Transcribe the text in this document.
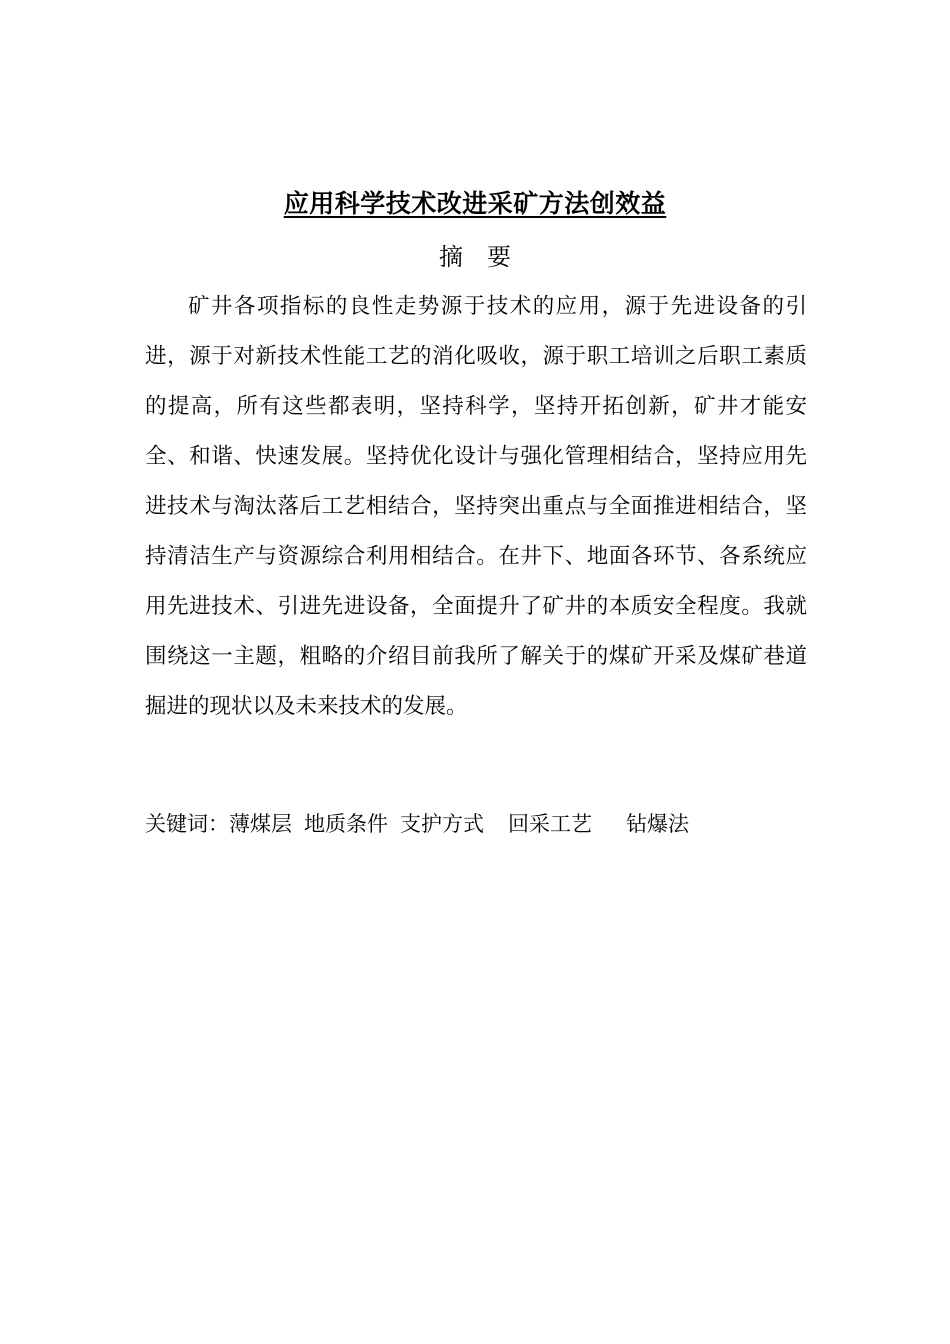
应用科学技术改进采矿方法创效益
摘 要
矿井各项指标的良性走势源于技术的应用，源于先进设备的引进，源于对新技术性能工艺的消化吸收，源于职工培训之后职工素质的提高，所有这些都表明，坚持科学，坚持开拓创新，矿井才能安全、和谐、快速发展。坚持优化设计与强化管理相结合，坚持应用先进技术与淘汰落后工艺相结合，坚持突出重点与全面推进相结合，坚持清洁生产与资源综合利用相结合。在井下、地面各环节、各系统应用先进技术、引进先进设备，全面提升了矿井的本质安全程度。我就围绕这一主题，粗略的介绍目前我所了解关于的煤矿开采及煤矿巷道掘进的现状以及未来技术的发展。
关键词：薄煤层 地质条件 支护方式 回采工艺 钻爆法
